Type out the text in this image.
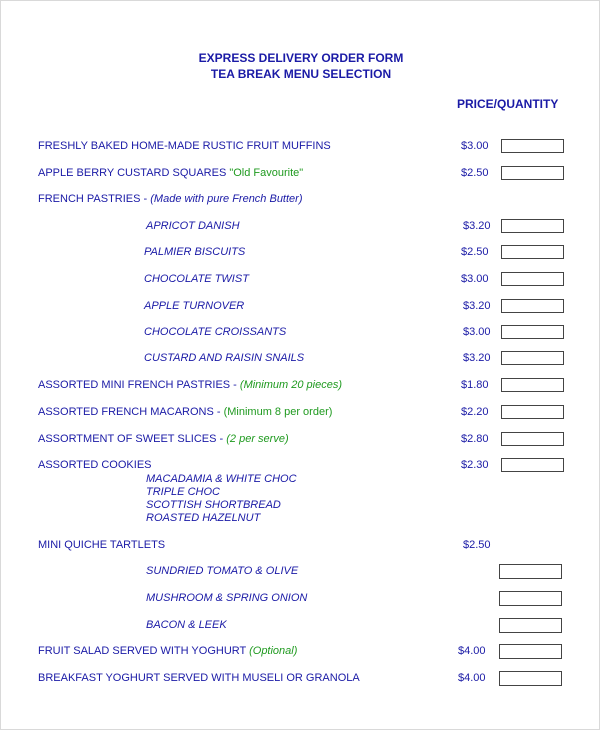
EXPRESS DELIVERY ORDER FORM
TEA BREAK MENU SELECTION
PRICE/QUANTITY
FRESHLY BAKED HOME-MADE RUSTIC FRUIT MUFFINS	$3.00
APPLE BERRY CUSTARD SQUARES "Old Favourite"	$2.50
FRENCH PASTRIES - (Made with pure French Butter)
APRICOT DANISH	$3.20
PALMIER BISCUITS	$2.50
CHOCOLATE TWIST	$3.00
APPLE TURNOVER	$3.20
CHOCOLATE CROISSANTS	$3.00
CUSTARD AND RAISIN SNAILS	$3.20
ASSORTED MINI FRENCH PASTRIES - (Minimum 20 pieces)	$1.80
ASSORTED FRENCH MACARONS - (Minimum 8 per order)	$2.20
ASSORTMENT OF SWEET SLICES - (2 per serve)	$2.80
ASSORTED COOKIES	$2.30
MACADAMIA & WHITE CHOC
TRIPLE CHOC
SCOTTISH SHORTBREAD
ROASTED HAZELNUT
MINI QUICHE TARTLETS	$2.50
SUNDRIED TOMATO & OLIVE
MUSHROOM & SPRING ONION
BACON & LEEK
FRUIT SALAD SERVED WITH YOGHURT (Optional)	$4.00
BREAKFAST YOGHURT SERVED WITH MUSELI OR GRANOLA	$4.00
